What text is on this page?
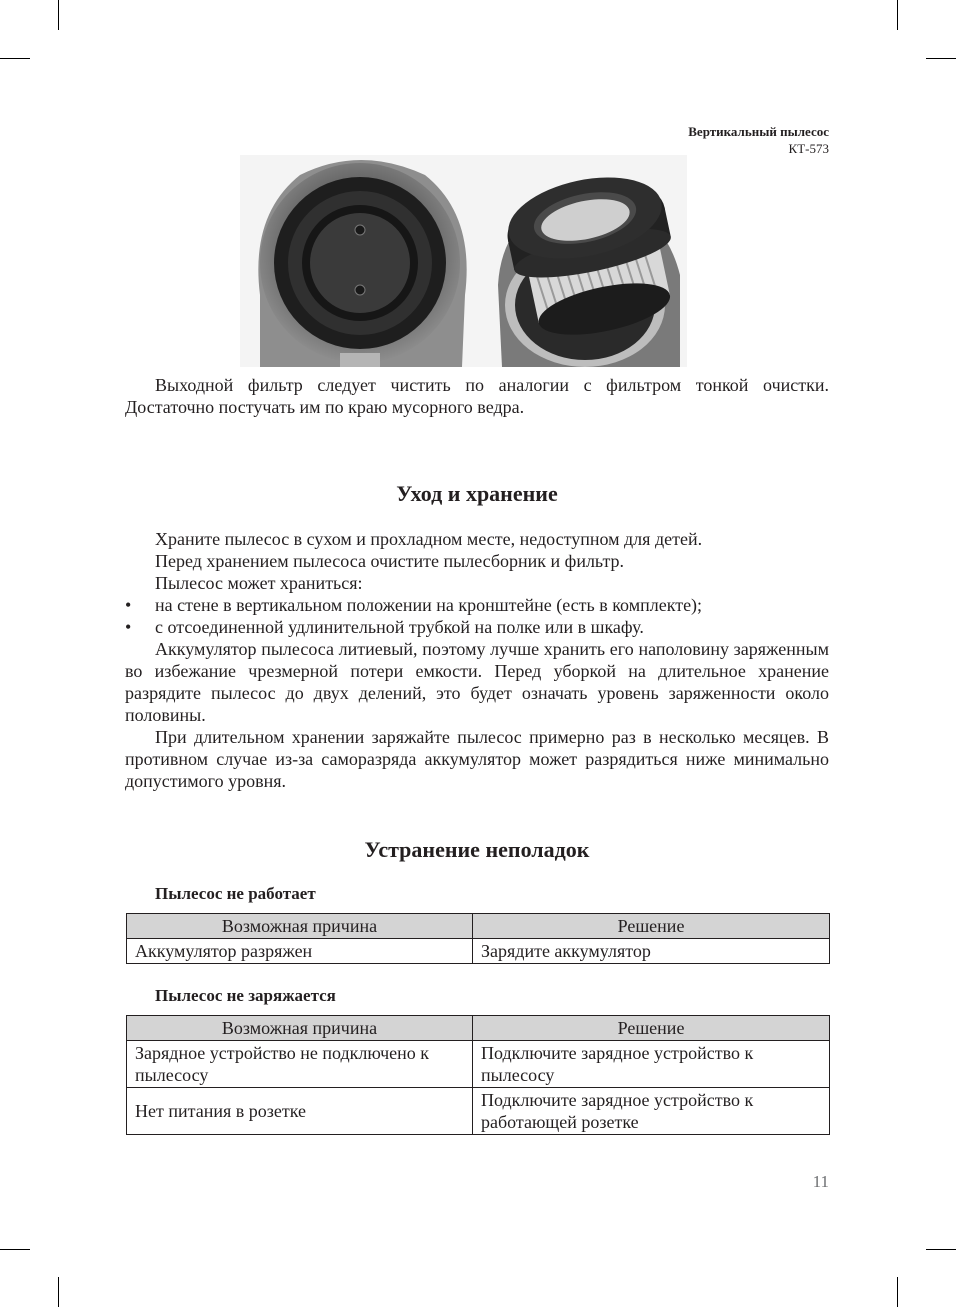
Вертикальный пылесос
КТ-573

Выходной фильтр следует чистить по аналогии с фильтром тонкой очистки. Достаточно постучать им по краю мусорного ведра.

Уход и хранение

Храните пылесос в сухом и прохладном месте, недоступном для детей.

Перед хранением пылесоса очистите пылесборник и фильтр.

Пылесос может храниться:

• на стене в вертикальном положении на кронштейне (есть в комплекте);
• с отсоединенной удлинительной трубкой на полке или в шкафу.

Аккумулятор пылесоса литиевый, поэтому лучше хранить его наполовину заряженным во избежание чрезмерной потери емкости. Перед уборкой на длительное хранение разрядите пылесос до двух делений, это будет означать уровень заряженности около половины.

При длительном хранении заряжайте пылесос примерно раз в несколько месяцев. В противном случае из-за саморазряда аккумулятор может разрядиться ниже минимально допустимого уровня.

Устранение неполадок
Пылесос не работает
Возможная причина	Решение
Аккумулятор разряжен	Зарядите аккумулятор
Пылесос не заряжается
Возможная причина	Решение
Зарядное устройство не подключено к пылесосу	Подключите зарядное устройство к пылесосу
Нет питания в розетке	Подключите зарядное устройство к работающей розетке
11
